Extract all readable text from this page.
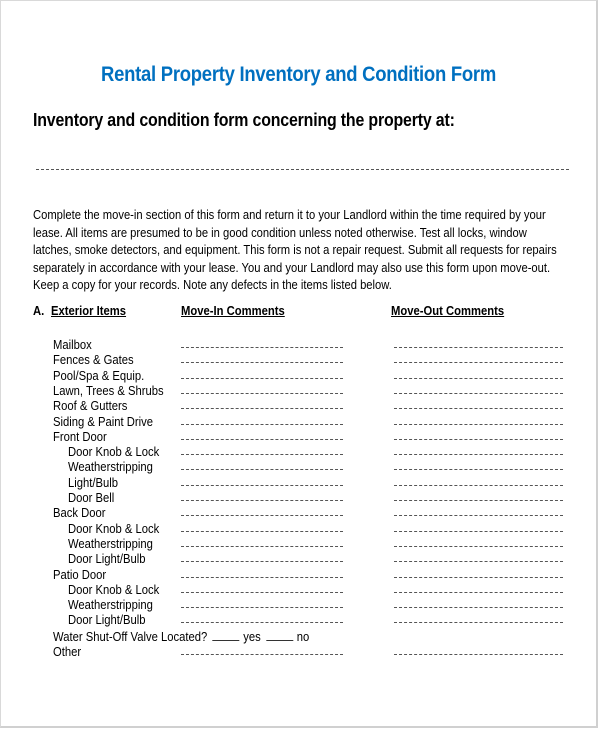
Rental Property Inventory and Condition Form
Inventory and condition form concerning the property at:
Complete the move-in section of this form and return it to your Landlord within the time required by your lease. All items are presumed to be in good condition unless noted otherwise. Test all locks, window latches, smoke detectors, and equipment. This form is not a repair request. Submit all requests for repairs separately in accordance with your lease. You and your Landlord may also use this form upon move-out. Keep a copy for your records. Note any defects in the items listed below.
A. Exterior Items	Move-In Comments	Move-Out Comments
Mailbox
Fences & Gates
Pool/Spa & Equip.
Lawn, Trees & Shrubs
Roof & Gutters
Siding & Paint Drive
Front Door
Door Knob & Lock
Weatherstripping
Light/Bulb
Door Bell
Back Door
Door Knob & Lock
Weatherstripping
Door Light/Bulb
Patio Door
Door Knob & Lock
Weatherstripping
Door Light/Bulb
Water Shut-Off Valve Located?	yes	no
Other
